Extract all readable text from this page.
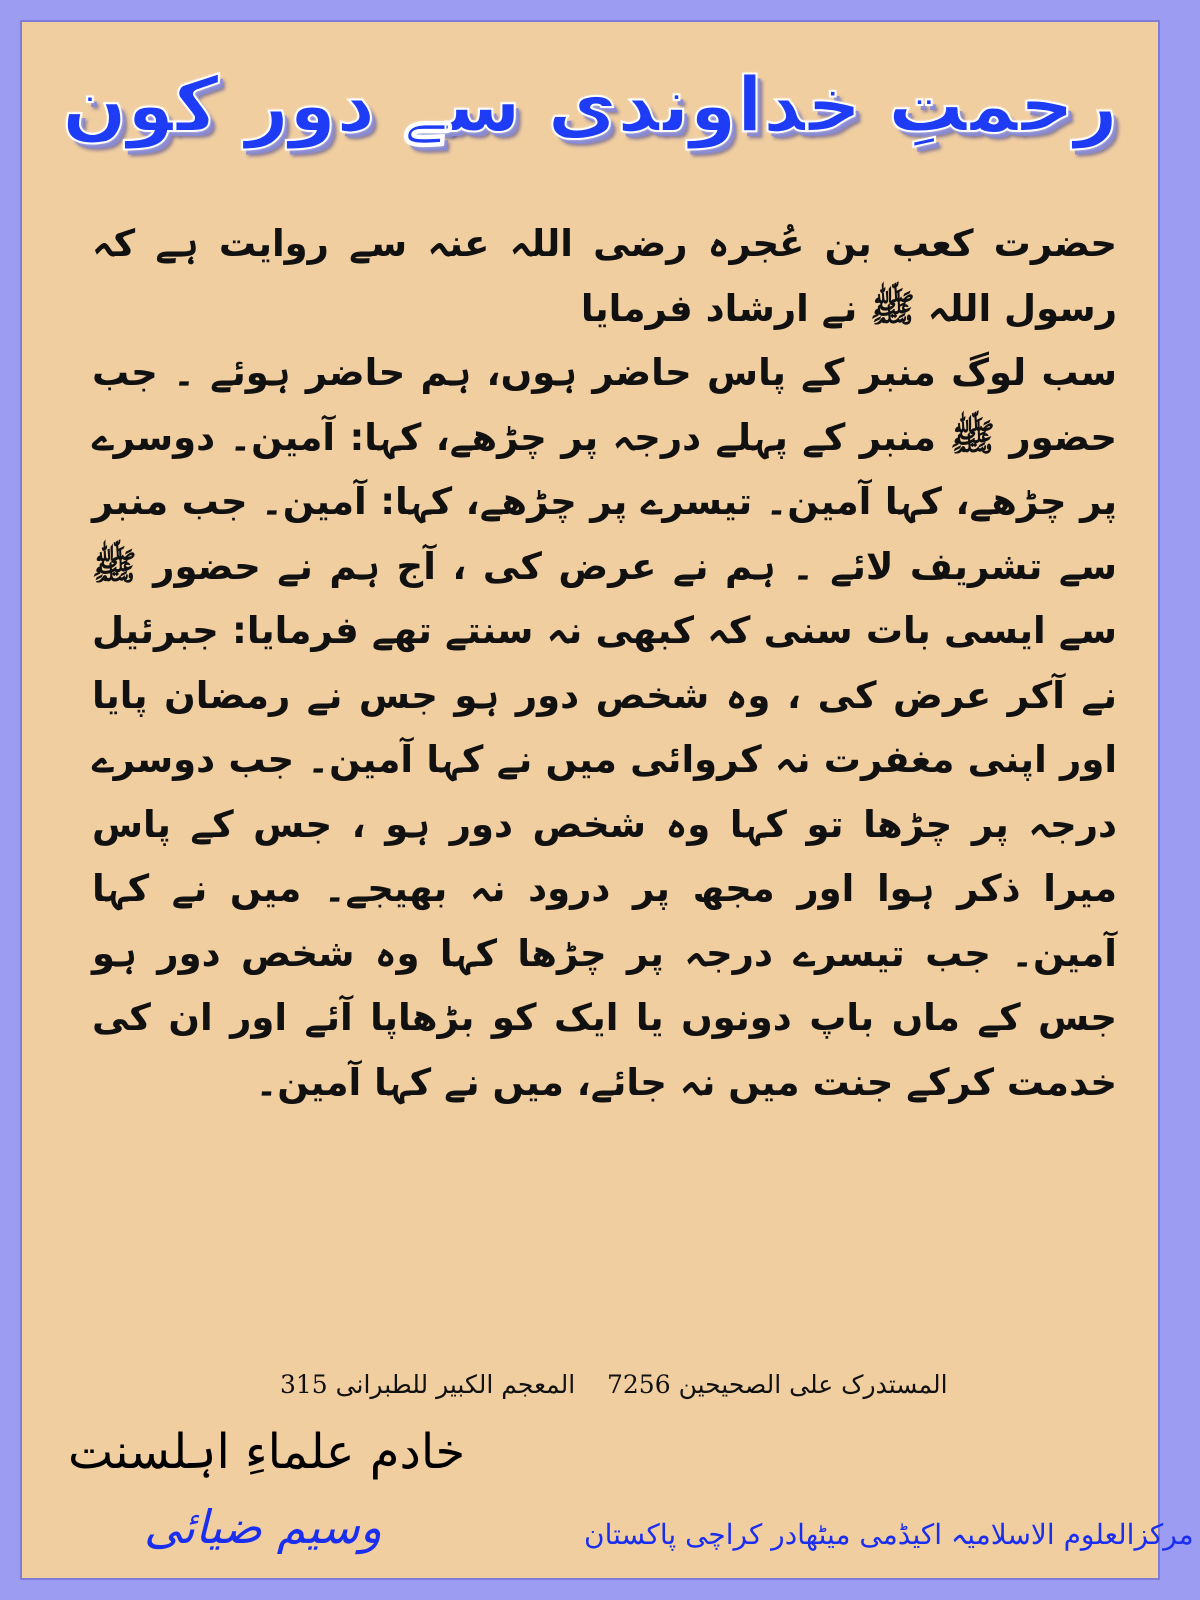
رحمتِ خداوندی سے دور کون

حضرت کعب بن عُجرہ رضی اللہ عنہ سے روایت ہے کہ رسول اللہ ﷺ نے ارشاد فرمایا

سب لوگ منبر کے پاس حاضر ہوں، ہم حاضر ہوئے ۔ جب حضور ﷺ منبر کے پہلے درجہ پر چڑھے، کہا: آمین۔ دوسرے پر چڑھے، کہا آمین۔ تیسرے پر چڑھے، کہا: آمین۔ جب منبر سے تشریف لائے ۔ ہم نے عرض کی ، آج ہم نے حضور ﷺ سے ایسی بات سنی کہ کبھی نہ سنتے تھے فرمایا: جبرئیل نے آکر عرض کی ، وہ شخص دور ہو جس نے رمضان پایا اور اپنی مغفرت نہ کروائی میں نے کہا آمین۔ جب دوسرے درجہ پر چڑھا تو کہا وہ شخص دور ہو ، جس کے پاس میرا ذکر ہوا اور مجھ پر درود نہ بھیجے۔ میں نے کہا آمین۔ جب تیسرے درجہ پر چڑھا کہا وہ شخص دور ہو جس کے ماں باپ دونوں یا ایک کو بڑھاپا آئے اور ان کی خدمت کرکے جنت میں نہ جائے، میں نے کہا آمین۔

المستدرک علی الصحیحین 7256
المعجم الکبیر للطبرانی 315
خادم علماءِ اہلسنت
وسیم ضیائی	مرکزالعلوم الاسلامیہ اکیڈمی میٹھادر کراچی پاکستان
